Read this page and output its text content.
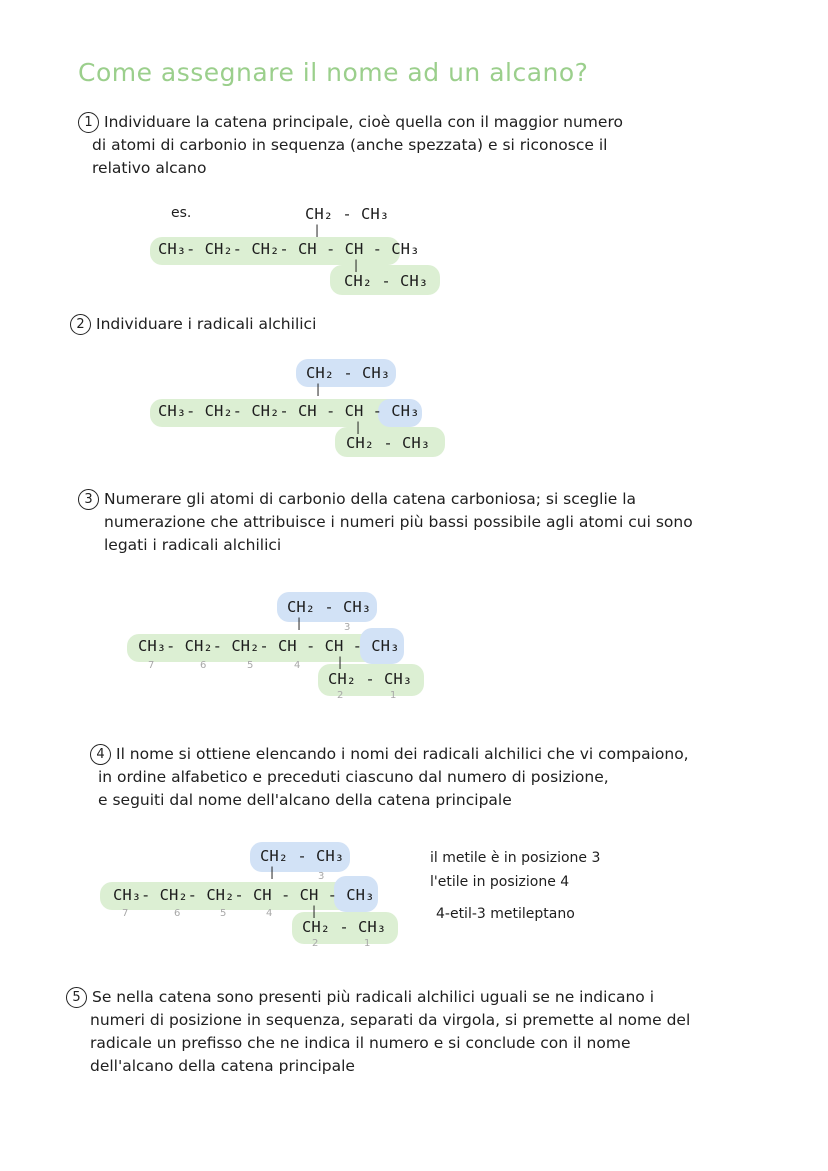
Come assegnare il nome ad un alcano?
1 Individuare la catena principale, cioè quella con il maggior numero
di atomi di carbonio in sequenza (anche spezzata) e si riconosce il
relativo alcano
es.	CH₂ - CH₃
|
CH₃- CH₂- CH₂- CH - CH - CH₃
|
CH₂ - CH₃
2 Individuare i radicali alchilici
CH₂ - CH₃
|
CH₃- CH₂- CH₂- CH - CH - CH₃
|
CH₂ - CH₃
3 Numerare gli atomi di carbonio della catena carboniosa; si sceglie la
numerazione che attribuisce i numeri più bassi possibile agli atomi cui sono
legati i radicali alchilici
CH₂ - CH₃
|
CH₃- CH₂- CH₂- CH - CH - CH₃
|
CH₂ - CH₃
7	6	5	4
3
2	1
4 Il nome si ottiene elencando i nomi dei radicali alchilici che vi compaiono,
in ordine alfabetico e preceduti ciascuno dal numero di posizione,
e seguiti dal nome dell'alcano della catena principale
CH₂ - CH₃
|
CH₃- CH₂- CH₂- CH - CH - CH₃
|
CH₂ - CH₃
7	6	5	4
3
2	1
il metile è in posizione 3
l'etile in posizione 4
4-etil-3 metileptano
5 Se nella catena sono presenti più radicali alchilici uguali se ne indicano i
numeri di posizione in sequenza, separati da virgola, si premette al nome del
radicale un prefisso che ne indica il numero e si conclude con il nome
dell'alcano della catena principale
